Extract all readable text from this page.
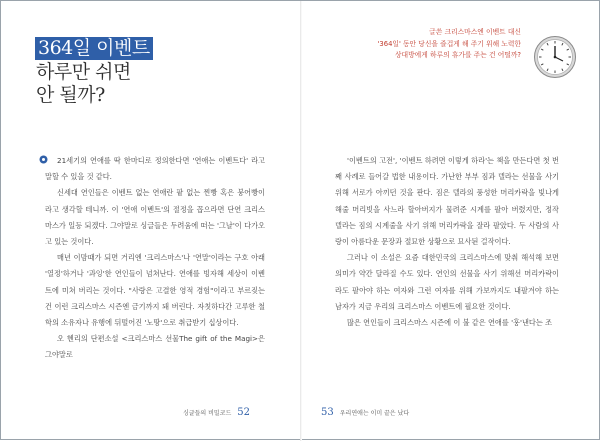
364일 이벤트
하루만 쉬면
안 될까?
글쓴 크리스마스엔 이벤트 대신
'364일' 동안 당신을 즐겁게 해 주기 위해 노력한
상대방에게 하루의 휴가를 주는 건 어떨까?

21세기의 연애를 딱 한마디로 정의한다면 '연애는 이벤트다' 라고 말할 수 있을 것 같다.

신세대 연인들은 이벤트 없는 연애란 팥 없는 찐빵 혹은 붕어빵이라고 생각할 테니까. 이 '연애 이벤트'의 절정을 꼽으라면 단연 크리스마스가 일등 되겠다. 그야말로 싱글들은 두려움에 떠는 '그날'이 다가오고 있는 것이다.

매년 이맘때가 되면 거리엔 '크리스마스'나 '연말'이라는 구호 아래 '열정'하거나 '과잉'한 연인들이 넘쳐난다. 연애를 빙자해 세상이 이벤트에 미쳐 버리는 것이다. "사랑은 고결한 영적 경험"이라고 부르짖는 건 이런 크리스마스 시즌엔 금기까지 돼 버린다. 자칫하다간 고루한 철학의 소유자나 유행에 뒤떨어진 '노땅'으로 취급받기 십상이다.

오 헨리의 단편소설 <크리스마스 선물The gift of the Magi>은 그야말로

'이벤트의 고전', '이벤트 하려면 이렇게 하라'는 책을 만든다면 첫 번째 사례로 들어갈 법한 내용이다. 가난한 부부 짐과 델라는 선물을 사기 위해 서로가 아끼던 것을 판다. 짐은 델라의 풍성한 머리카락을 빛나게 해줄 머리빗을 사느라 할아버지가 물려준 시계를 팔아 버렸지만, 정작 델라는 짐의 시계줄을 사기 위해 머리카락을 잘라 팔았다. 두 사람의 사랑이 아름다운 문장과 절묘한 상황으로 묘사된 걸작이다.

그러나 이 소설은 요즘 대한민국의 크리스마스에 맞춰 해석해 보면 의미가 약간 달라질 수도 있다. 연인의 선물을 사기 위해선 머리카락이라도 팔아야 하는 여자와 그런 여자를 위해 가보까지도 내팔겨야 하는 남자가 지금 우리의 크리스마스 이벤트에 필요한 것이다.

많은 연인들이 크리스마스 시즌에 이 불 같은 연애를 '훙'낸다는 조

싱글들의 비밀코드 52	53 우리연애는 이미 끝은 났다
